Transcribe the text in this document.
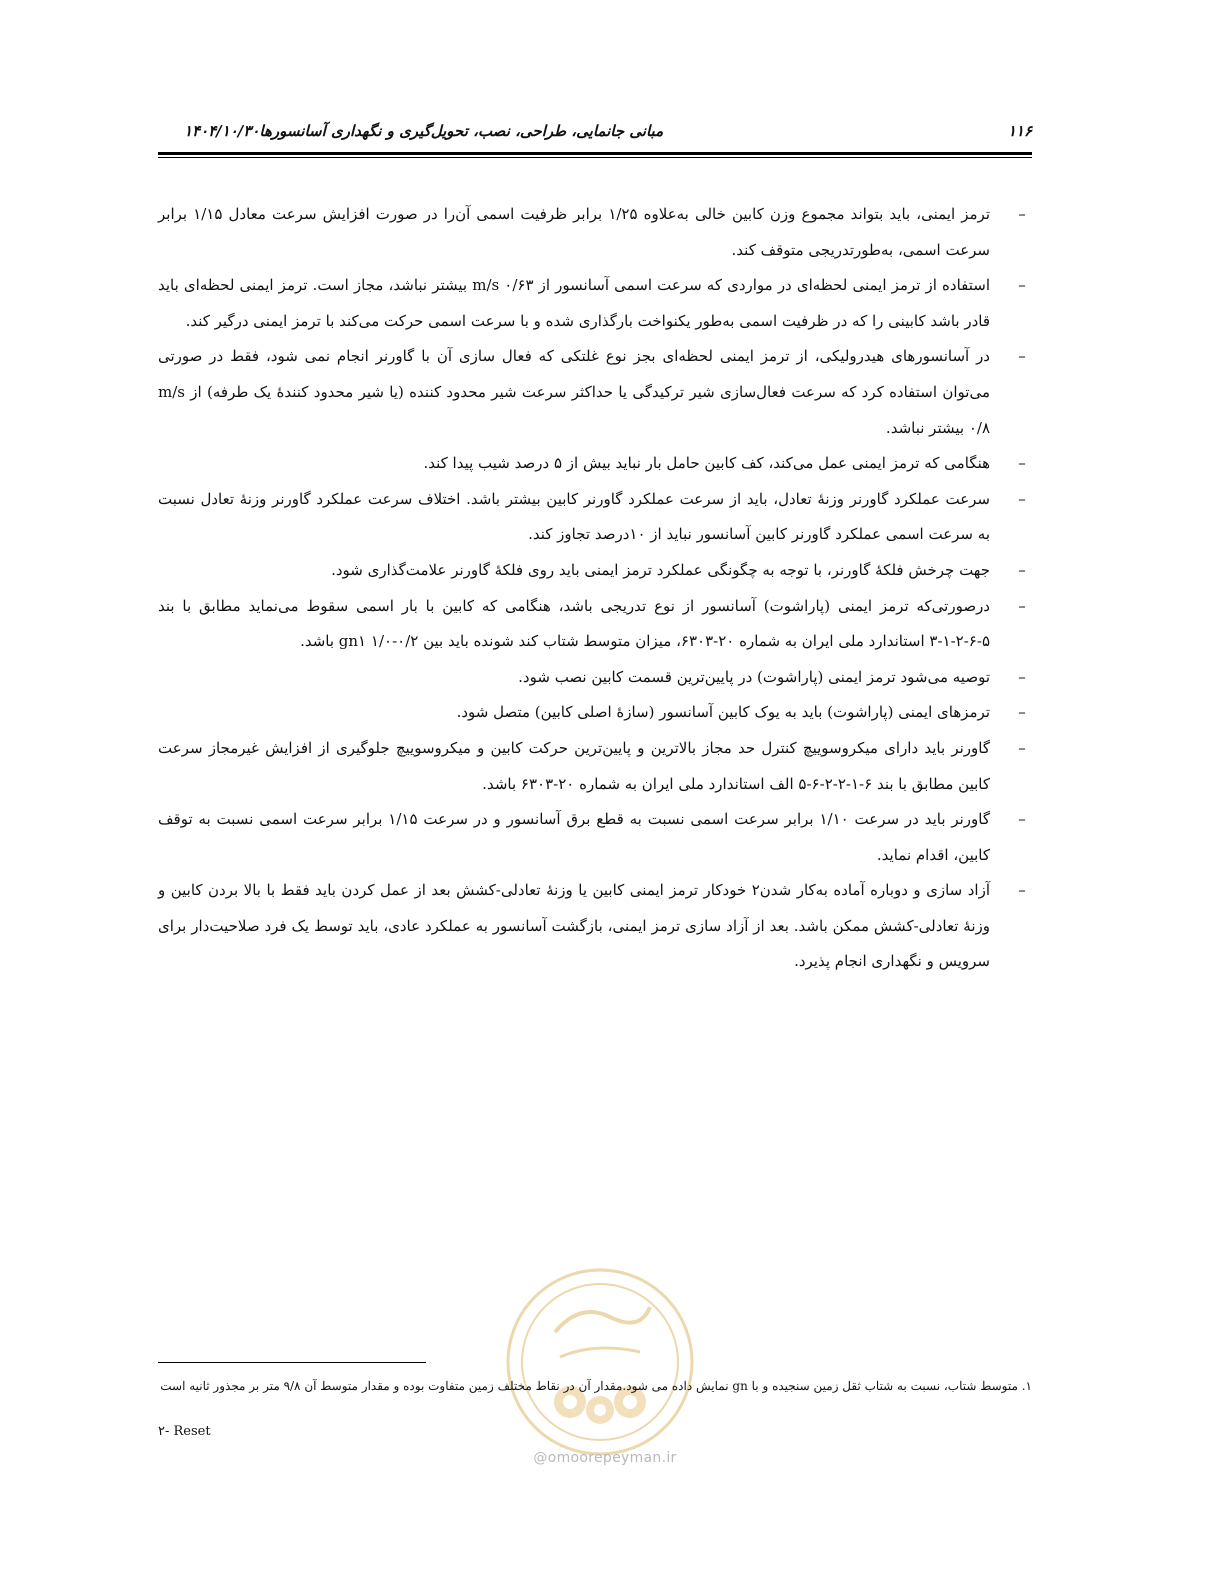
۱۱۶
مبانی جانمایی، طراحی، نصب، تحویل‌گیری و نگهداری آسانسورها۱۴۰۴/۱۰/۳۰
–
ترمز ایمنی، باید بتواند مجموع وزن کابین خالی به‌علاوه ۱/۲۵ برابر ظرفیت اسمی آن‌را در صورت افزایش سرعت معادل ۱/۱۵ برابر سرعت اسمی، به‌طورتدریجی متوقف کند.
–
استفاده از ترمز ایمنی لحظه‌ای در مواردی که سرعت اسمی آسانسور از m/s ۰/۶۳ بیشتر نباشد، مجاز است. ترمز ایمنی لحظه‌ای باید قادر باشد کابینی را که در ظرفیت اسمی به‌طور یکنواخت بارگذاری شده و با سرعت اسمی حرکت می‌کند با ترمز ایمنی درگیر کند.
–
در آسانسورهای هیدرولیکی، از ترمز ایمنی لحظه‌ای بجز نوع غلتکی که فعال سازی آن با گاورنر انجام نمی شود، فقط در صورتی می‌توان استفاده کرد که سرعت فعال‌سازی شیر ترکیدگی یا حداکثر سرعت شیر محدود کننده (یا شیر محدود کنندهٔ یک طرفه) از m/s ۰/۸ بیشتر نباشد.
–
هنگامی که ترمز ایمنی عمل می‌کند، کف کابین حامل بار نباید بیش از ۵ درصد شیب پیدا کند.
–
سرعت عملکرد گاورنر وزنهٔ تعادل، باید از سرعت عملکرد گاورنر کابین بیشتر باشد. اختلاف سرعت عملکرد گاورنر وزنهٔ تعادل نسبت به سرعت اسمی عملکرد گاورنر کابین آسانسور نباید از ۱۰درصد تجاوز کند.
–
جهت چرخش فلکهٔ گاورنر، با توجه به چگونگی عملکرد ترمز ایمنی باید روی فلکهٔ گاورنر علامت‌گذاری شود.
–
درصورتی‌که ترمز ایمنی (پاراشوت) آسانسور از نوع تدریجی باشد، هنگامی که کابین با بار اسمی سقوط می‌نماید مطابق با بند ۵-۶-۲-۱-۳ استاندارد ملی ایران به شماره ۲۰-۶۳۰۳، میزان متوسط شتاب کند شونده باید بین ۰/۲-۱/۰ gn۱ باشد.
–
توصیه می‌شود ترمز ایمنی (پاراشوت) در پایین‌ترین قسمت کابین نصب شود.
–
ترمزهای ایمنی (پاراشوت) باید به یوک کابین آسانسور (سازهٔ اصلی کابین) متصل شود.
–
گاورنر باید دارای میکروسوییچ کنترل حد مجاز بالاترین و پایین‌ترین حرکت کابین و میکروسوییچ جلوگیری از افزایش غیرمجاز سرعت کابین مطابق با بند ۶-۱-۲-۲-۶-۵ الف استاندارد ملی ایران به شماره ۲۰-۶۳۰۳ باشد.
–
گاورنر باید در سرعت ۱/۱۰ برابر سرعت اسمی نسبت به قطع برق آسانسور و در سرعت ۱/۱۵ برابر سرعت اسمی نسبت به توقف کابین، اقدام نماید.
–
آزاد سازی و دوباره آماده به‌کار شدن۲ خودکار ترمز ایمنی کابین یا وزنهٔ تعادلی-کشش بعد از عمل کردن باید فقط با بالا بردن کابین و وزنهٔ تعادلی-کشش ممکن باشد. بعد از آزاد سازی ترمز ایمنی، بازگشت آسانسور به عملکرد عادی، باید توسط یک فرد صلاحیت‌دار برای سرویس و نگهداری انجام پذیرد.
@omoorepeyman.ir
۱. متوسط شتاب، نسبت به شتاب ثقل زمین سنجیده و با gn نمایش داده می شود.مقدار آن در نقاط مختلف زمین متفاوت بوده و مقدار متوسط آن ۹/۸ متر بر مجذور ثانیه است
۲- Reset
